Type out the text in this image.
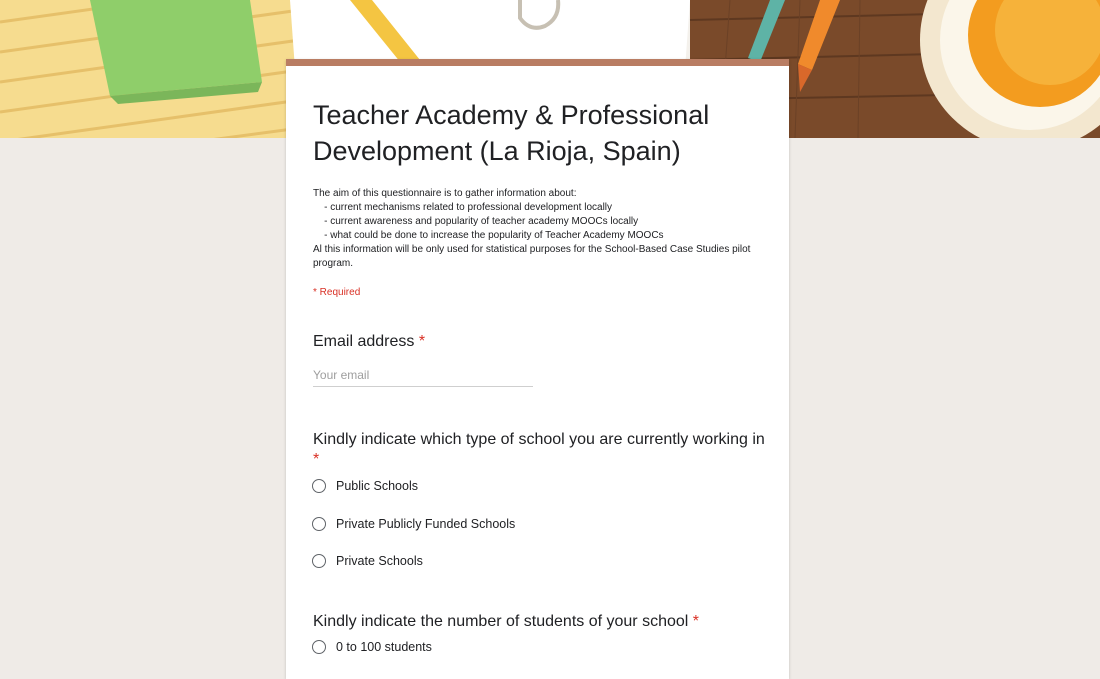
Teacher Academy & Professional Development (La Rioja, Spain)
The aim of this questionnaire is to gather information about:
- current mechanisms related to professional development locally
- current awareness and popularity of teacher academy MOOCs locally
- what could be done to increase the popularity of Teacher Academy MOOCs
Al this information will be only used for statistical purposes for the School-Based Case Studies pilot program.
* Required
Email address *
Your email
Kindly indicate which type of school you are currently working in *
Public Schools
Private Publicly Funded Schools
Private Schools
Kindly indicate the number of students of your school *
0 to 100 students
